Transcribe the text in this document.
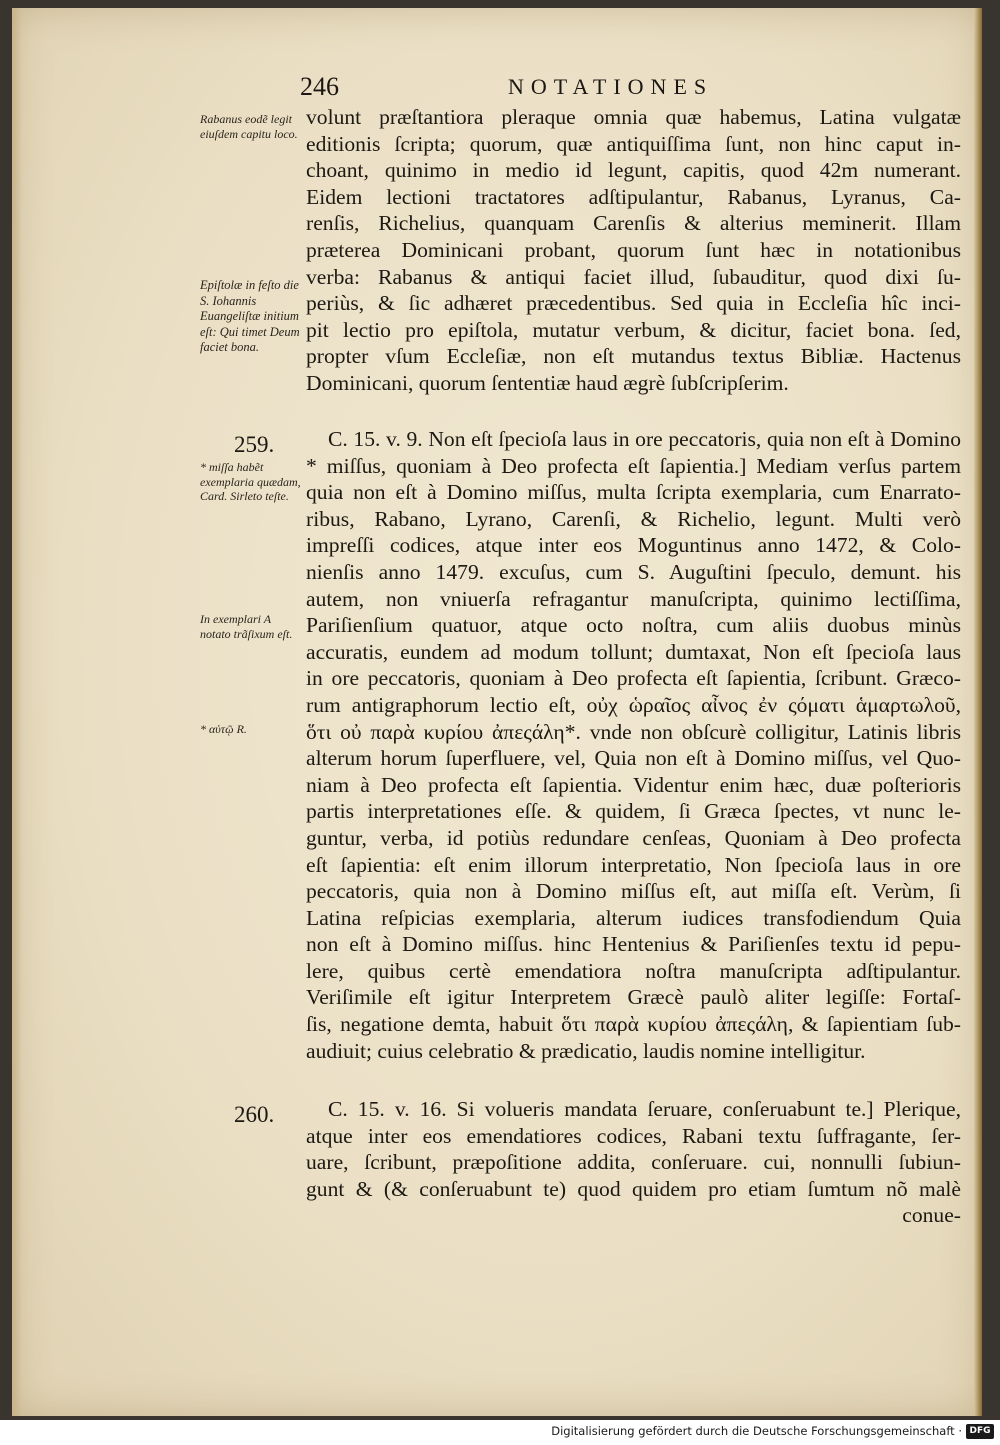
246	NOTATIONES
Rabanus eodẽ legit eiuſdem capitu loco.
Epiſtolæ in feſto die S. Iohannis Euangeliſtæ initium eſt: Qui timet Deum faciet bona.
259.
* miſſa habẽt exemplaria quædam, Card. Sirleto teſte.
In exemplari A notato trãſixum eſt.
* αὐτῷ R.
260.
volunt præſtantiora pleraque omnia quæ habemus, Latina vulgatæ
editionis ſcripta; quorum, quæ antiquiſſima ſunt, non hinc caput in-
choant, quinimo in medio id legunt, capitis, quod 42m numerant.
Eidem lectioni tractatores adſtipulantur, Rabanus, Lyranus, Ca-
renſis, Richelius, quanquam Carenſis & alterius meminerit. Illam
præterea Dominicani probant, quorum ſunt hæc in notationibus
verba: Rabanus & antiqui faciet illud, ſubauditur, quod dixi ſu-
periùs, & ſic adhæret præcedentibus. Sed quia in Eccleſia hîc inci-
pit lectio pro epiſtola, mutatur verbum, & dicitur, faciet bona. ſed,
propter vſum Eccleſiæ, non eſt mutandus textus Bibliæ. Hactenus
Dominicani, quorum ſententiæ haud ægrè ſubſcripſerim.
C. 15. v. 9. Non eſt ſpecioſa laus in ore peccatoris, quia non eſt à Domino
* miſſus, quoniam à Deo profecta eſt ſapientia.] Mediam verſus partem
quia non eſt à Domino miſſus, multa ſcripta exemplaria, cum Enarrato-
ribus, Rabano, Lyrano, Carenſi, & Richelio, legunt. Multi verò
impreſſi codices, atque inter eos Moguntinus anno 1472, & Colo-
nienſis anno 1479. excuſus, cum S. Auguſtini ſpeculo, demunt. his
autem, non vniuerſa refragantur manuſcripta, quinimo lectiſſima,
Pariſienſium quatuor, atque octo noſtra, cum aliis duobus minùs
accuratis, eundem ad modum tollunt; dumtaxat, Non eſt ſpecioſa laus
in ore peccatoris, quoniam à Deo profecta eſt ſapientia, ſcribunt. Græco-
rum antigraphorum lectio eſt, οὐχ ὡραῖος αἶνος ἐν ςόματι ἁμαρτωλοῦ,
ὅτι οὐ παρὰ κυρίου ἀπεςάλη*. vnde non obſcurè colligitur, Latinis libris
alterum horum ſuperfluere, vel, Quia non eſt à Domino miſſus, vel Quo-
niam à Deo profecta eſt ſapientia. Videntur enim hæc, duæ poſterioris
partis interpretationes eſſe. & quidem, ſi Græca ſpectes, vt nunc le-
guntur, verba, id potiùs redundare cenſeas, Quoniam à Deo profecta
eſt ſapientia: eſt enim illorum interpretatio, Non ſpecioſa laus in ore
peccatoris, quia non à Domino miſſus eſt, aut miſſa eſt. Verùm, ſi
Latina reſpicias exemplaria, alterum iudices transfodiendum Quia
non eſt à Domino miſſus. hinc Hentenius & Pariſienſes textu id pepu-
lere, quibus certè emendatiora noſtra manuſcripta adſtipulantur.
Veriſimile eſt igitur Interpretem Græcè paulò aliter legiſſe: Fortaſ-
ſis, negatione demta, habuit ὅτι παρὰ κυρίου ἀπεςάλη, & ſapientiam ſub-
audiuit; cuius celebratio & prædicatio, laudis nomine intelligitur.
C. 15. v. 16. Si volueris mandata ſeruare, conſeruabunt te.] Plerique,
atque inter eos emendatiores codices, Rabani textu ſuffragante, ſer-
uare, ſcribunt, præpoſitione addita, conſeruare. cui, nonnulli ſubiun-
gunt & (& conſeruabunt te) quod quidem pro etiam ſumtum nõ malè
conue-
Digitalisierung gefördert durch die Deutsche Forschungsgemeinschaft · DFG
